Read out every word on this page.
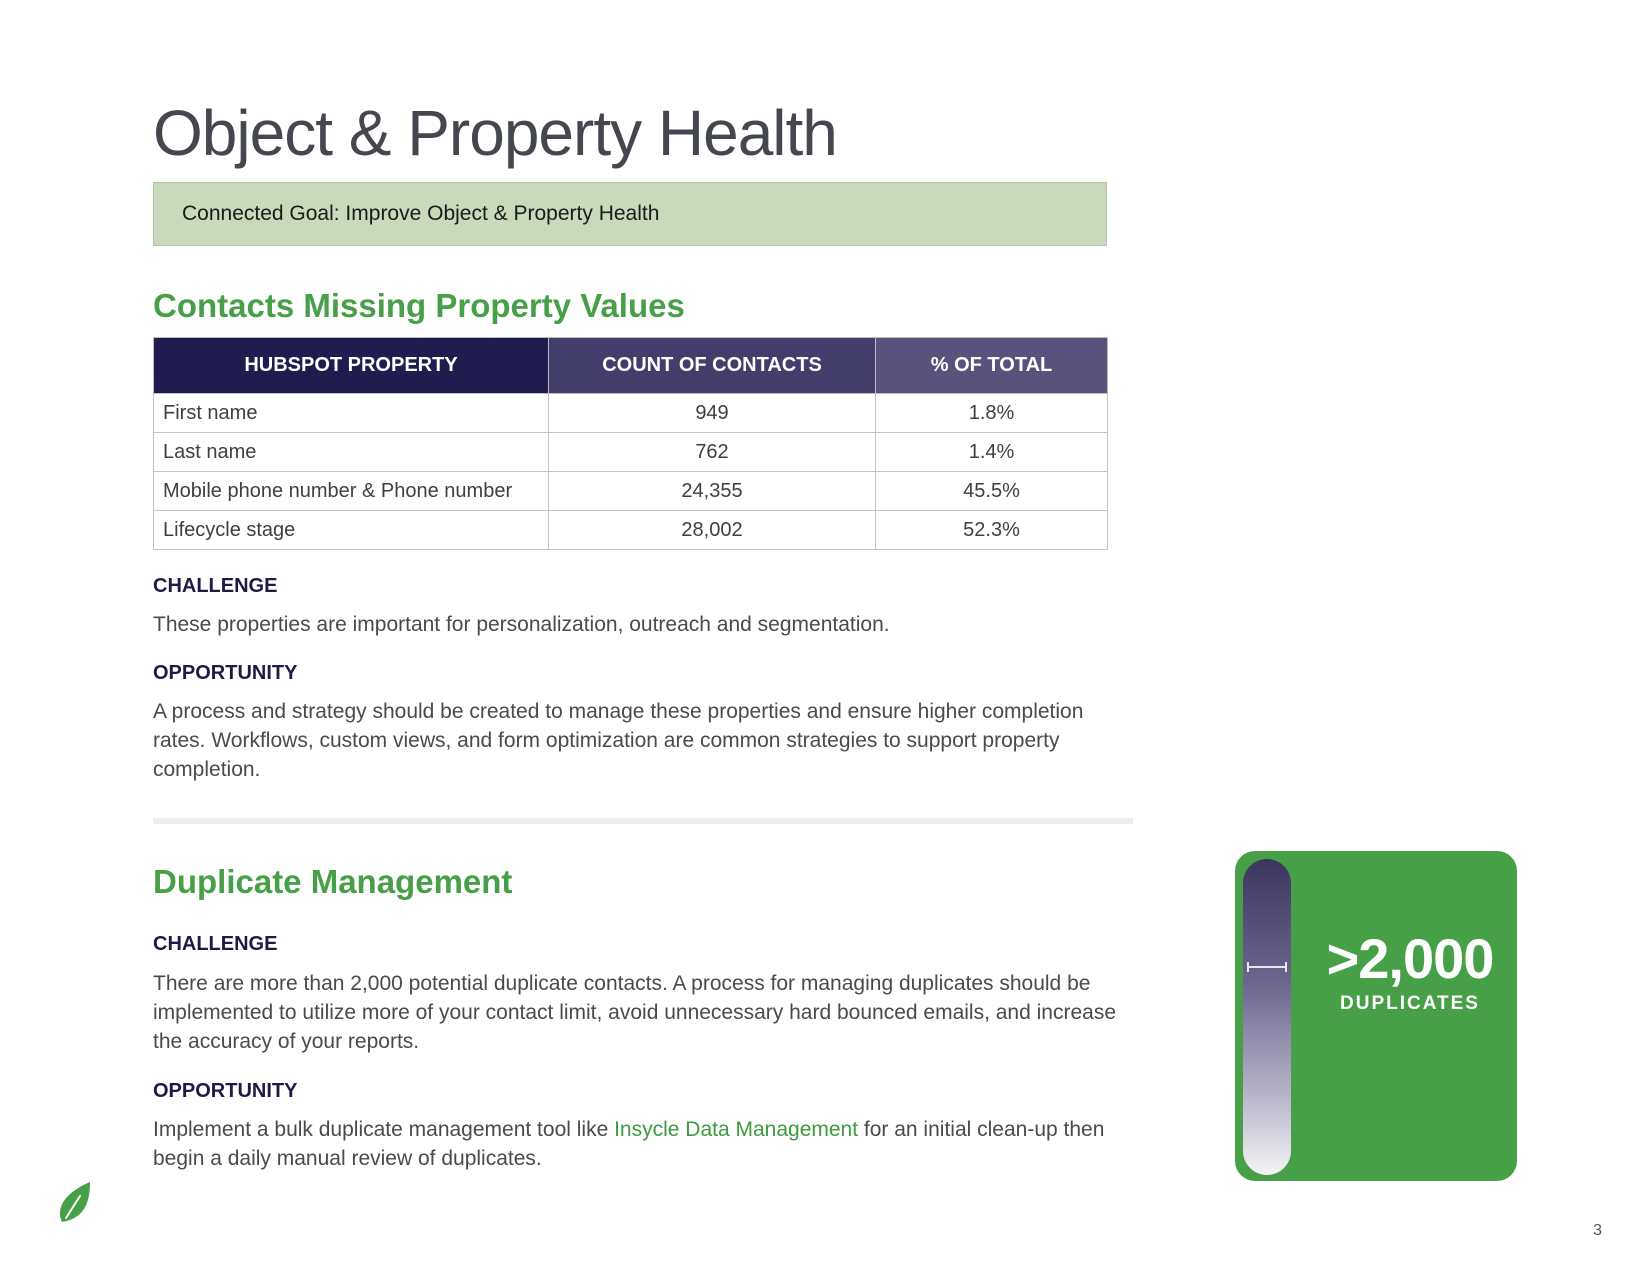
Object & Property Health
Connected Goal: Improve Object & Property Health
Contacts Missing Property Values
HUBSPOT PROPERTY	COUNT OF CONTACTS	% OF TOTAL
First name	949	1.8%
Last name	762	1.4%
Mobile phone number & Phone number	24,355	45.5%
Lifecycle stage	28,002	52.3%
CHALLENGE

These properties are important for personalization, outreach and segmentation.

OPPORTUNITY

A process and strategy should be created to manage these properties and ensure higher completion rates. Workflows, custom views, and form optimization are common strategies to support property completion.

Duplicate Management
CHALLENGE

There are more than 2,000 potential duplicate contacts. A process for managing duplicates should be implemented to utilize more of your contact limit, avoid unnecessary hard bounced emails, and increase the accuracy of your reports.

OPPORTUNITY

Implement a bulk duplicate management tool like Insycle Data Management for an initial clean-up then begin a daily manual review of duplicates.

>2,000
DUPLICATES
3
